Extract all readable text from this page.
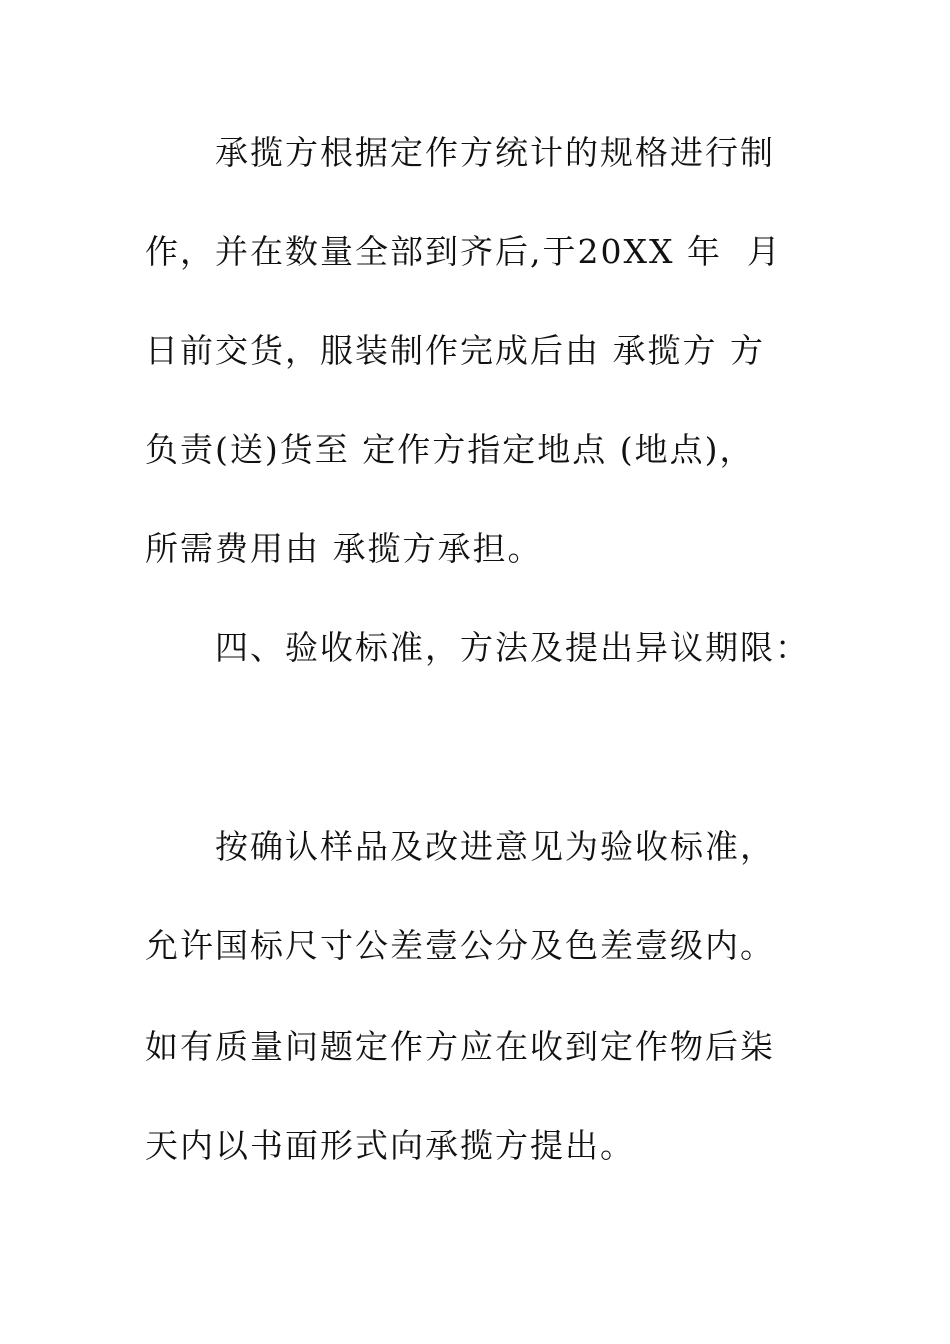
承揽方根据定作方统计的规格进行制
作，并在数量全部到齐后,于20XX 年  月
日前交货，服装制作完成后由 承揽方 方
负责(送)货至 定作方指定地点 (地点)，
所需费用由 承揽方承担。
四、验收标准，方法及提出异议期限：
按确认样品及改进意见为验收标准，
允许国标尺寸公差壹公分及色差壹级内。
如有质量问题定作方应在收到定作物后柒
天内以书面形式向承揽方提出。
